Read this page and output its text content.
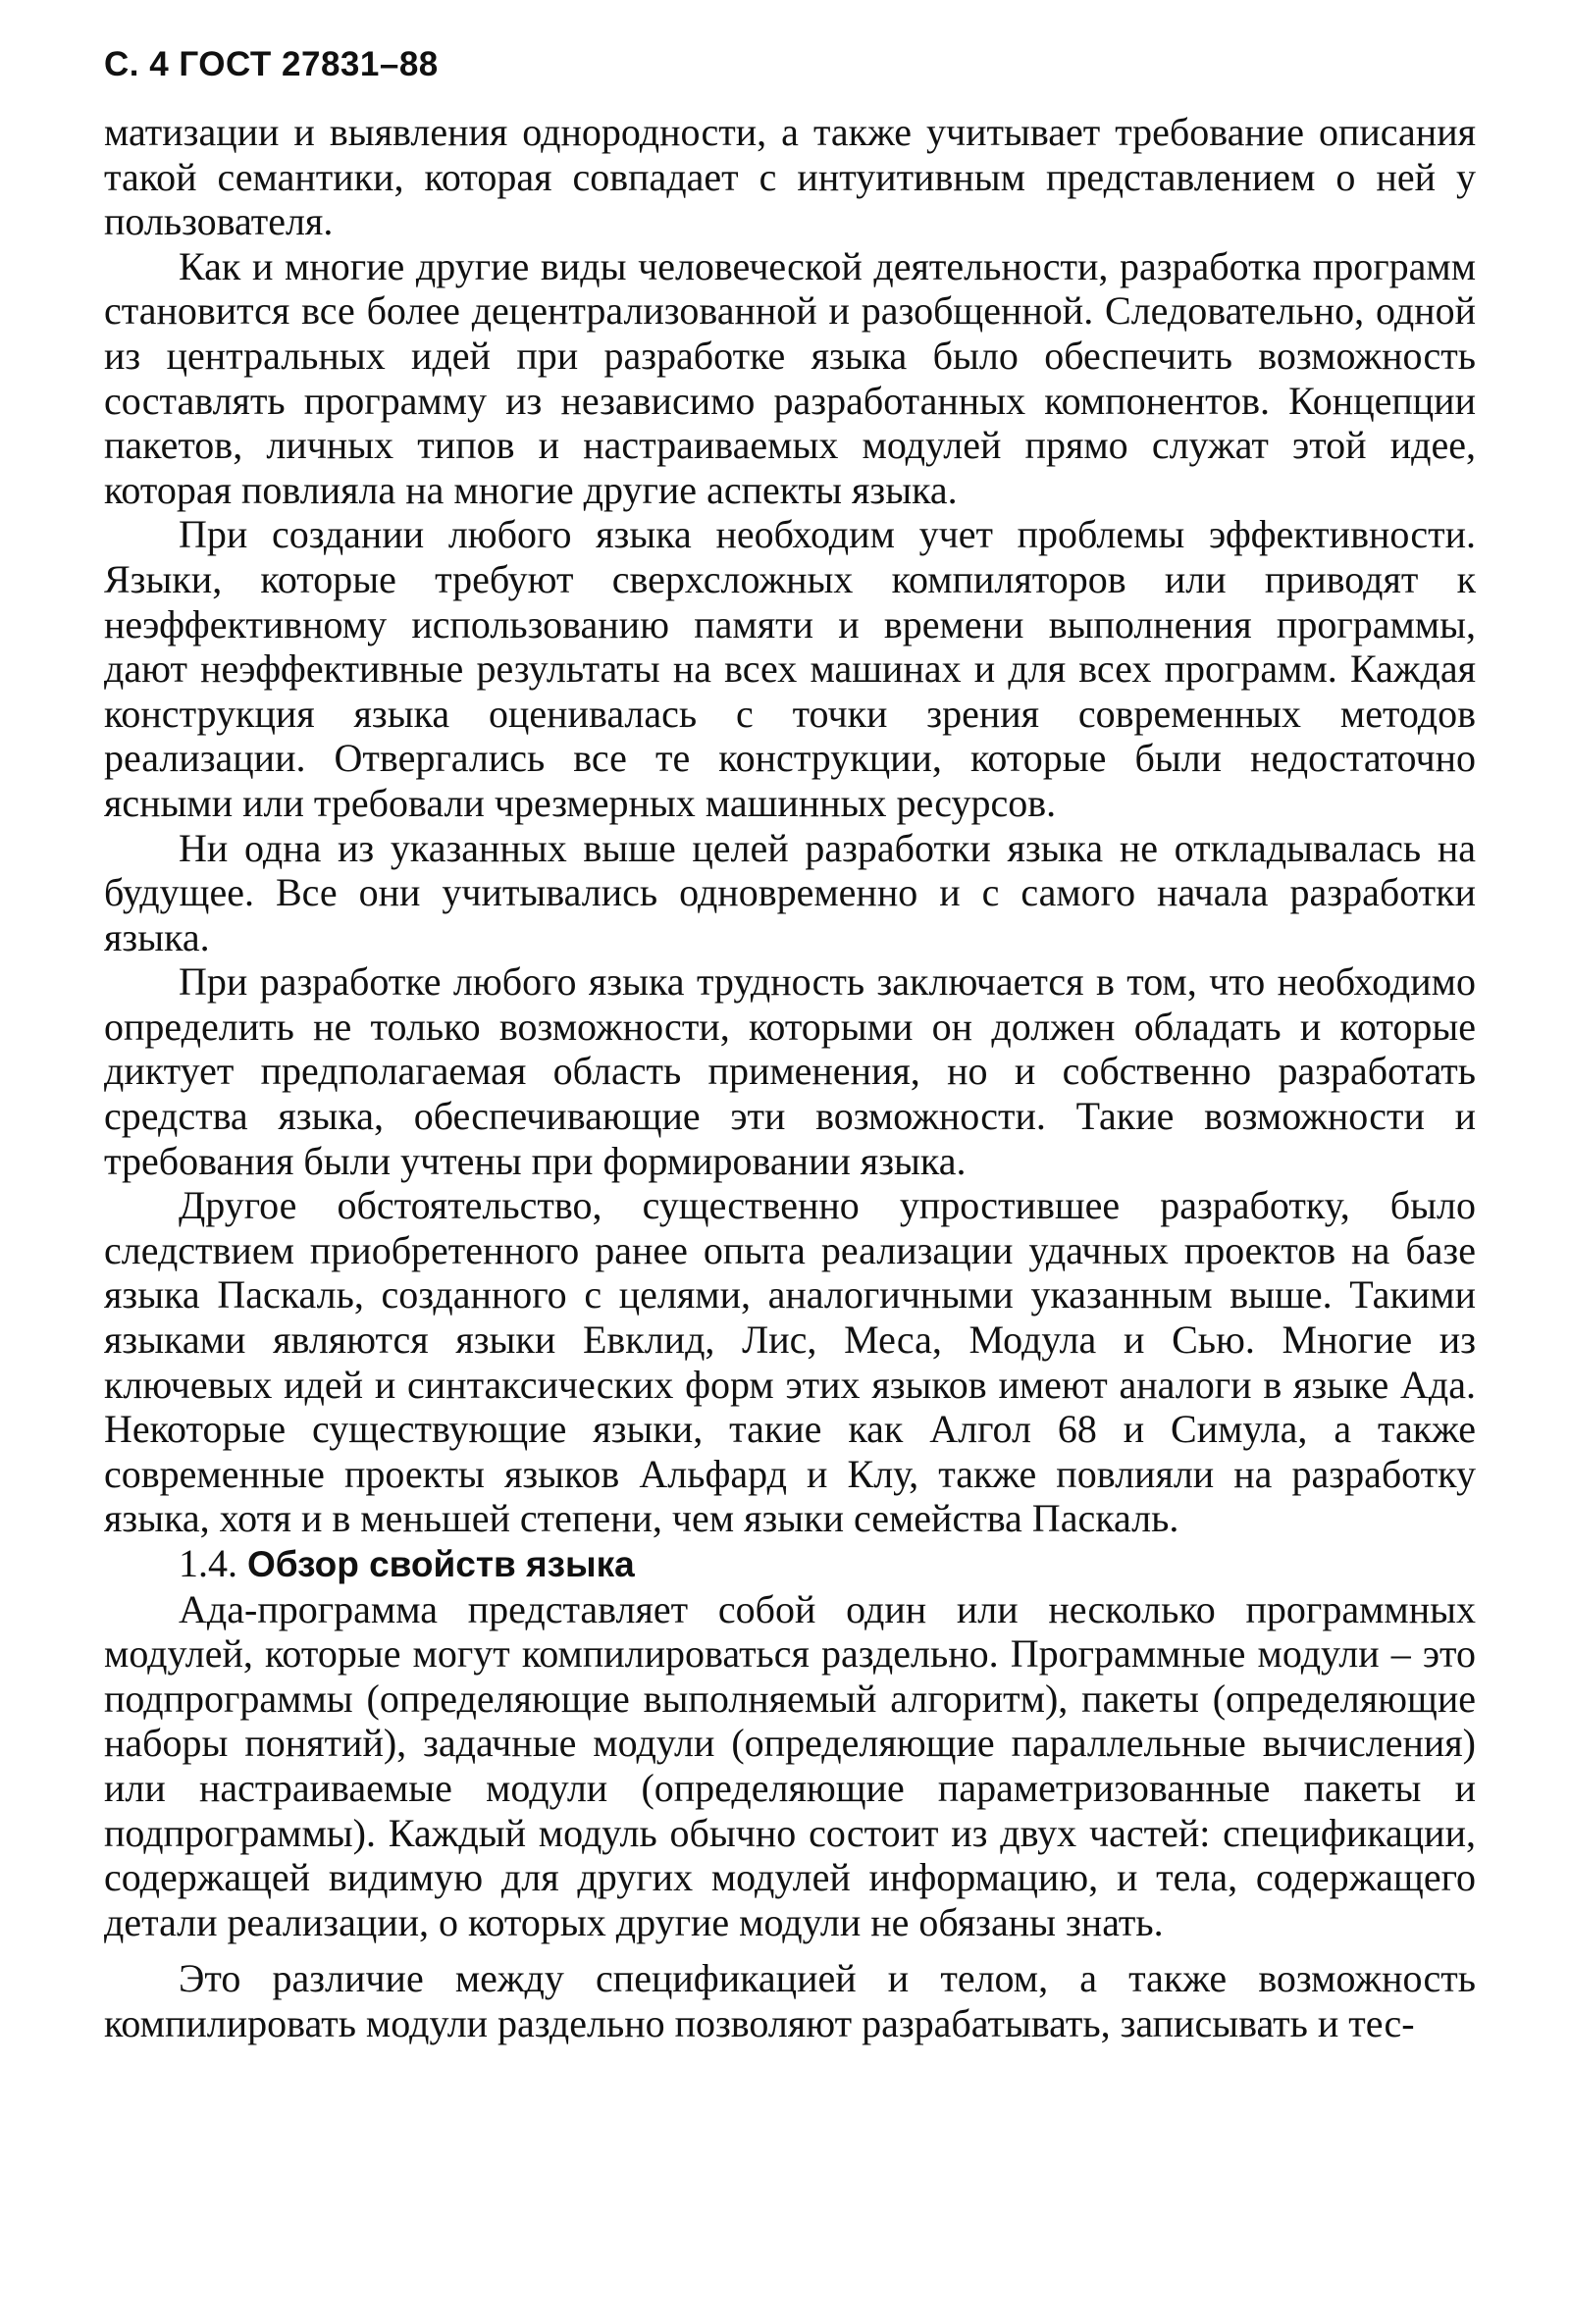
С. 4 ГОСТ 27831–88

матизации и выявления однородности, а также учитывает требование описания такой семантики, которая совпадает с интуитивным представлением о ней у пользователя.

Как и многие другие виды человеческой деятельности, разработка программ становится все более децентрализованной и разобщенной. Следовательно, одной из центральных идей при разработке языка было обеспечить возможность составлять программу из независимо разработанных компонентов. Концепции пакетов, личных типов и настраиваемых модулей прямо служат этой идее, которая повлияла на многие другие аспекты языка.

При создании любого языка необходим учет проблемы эффективности. Языки, которые требуют сверхсложных компиляторов или приводят к неэффективному использованию памяти и времени выполнения программы, дают неэффективные результаты на всех машинах и для всех программ. Каждая конструкция языка оценивалась с точки зрения современных методов реализации. Отвергались все те конструкции, которые были недостаточно ясными или требовали чрезмерных машинных ресурсов.

Ни одна из указанных выше целей разработки языка не откладывалась на будущее. Все они учитывались одновременно и с самого начала разработки языка.

При разработке любого языка трудность заключается в том, что необходимо определить не только возможности, которыми он должен обладать и которые диктует предполагаемая область применения, но и собственно разработать средства языка, обеспечивающие эти возможности. Такие возможности и требования были учтены при формировании языка.

Другое обстоятельство, существенно упростившее разработку, было следствием приобретенного ранее опыта реализации удачных проектов на базе языка Паскаль, созданного с целями, аналогичными указанным выше. Такими языками являются языки Евклид, Лис, Меса, Модула и Сью. Многие из ключевых идей и синтаксических форм этих языков имеют аналоги в языке Ада. Некоторые существующие языки, такие как Алгол 68 и Симула, а также современные проекты языков Альфард и Клу, также повлияли на разработку языка, хотя и в меньшей степени, чем языки семейства Паскаль.

1.4. Обзор свойств языка

Ада-программа представляет собой один или несколько программных модулей, которые могут компилироваться раздельно. Программные модули – это подпрограммы (определяющие выполняемый алгоритм), пакеты (определяющие наборы понятий), задачные модули (определяющие параллельные вычисления) или настраиваемые модули (определяющие параметризованные пакеты и подпрограммы). Каждый модуль обычно состоит из двух частей: спецификации, содержащей видимую для других модулей информацию, и тела, содержащего детали реализации, о которых другие модули не обязаны знать.

Это различие между спецификацией и телом, а также возможность компилировать модули раздельно позволяют разрабатывать, записывать и тес-
